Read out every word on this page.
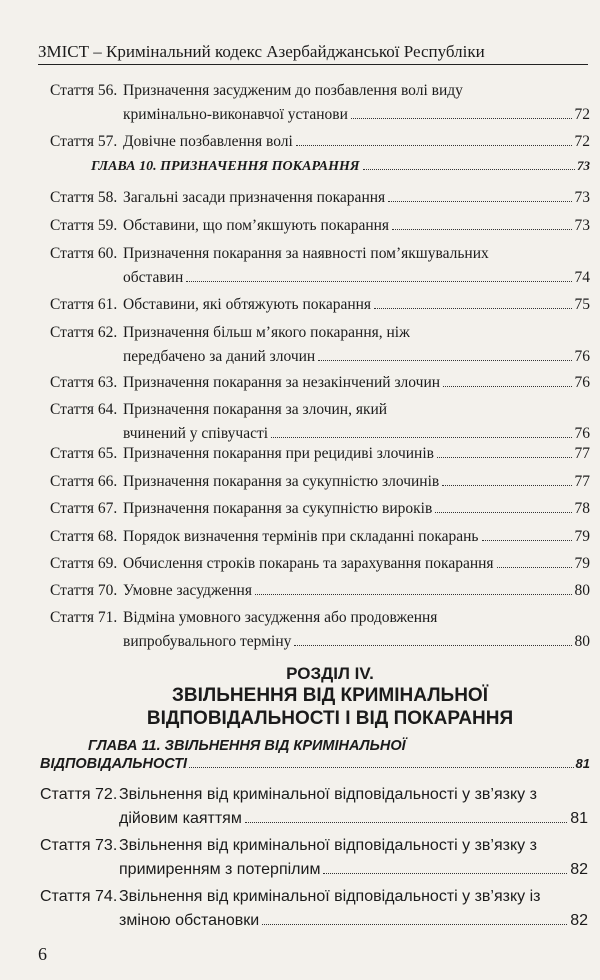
ЗМІСТ – Кримінальний кодекс Азербайджанської Республіки
Стаття 56. Призначення засудженим до позбавлення волі виду
кримінально-виконавчої установи	72
Стаття 57. Довічне позбавлення волі	72
ГЛАВА 10. ПРИЗНАЧЕННЯ ПОКАРАННЯ	73
Стаття 58. Загальні засади призначення покарання	73
Стаття 59. Обставини, що пом’якшують покарання	73
Стаття 60. Призначення покарання за наявності пом’якшувальних
обставин	74
Стаття 61. Обставини, які обтяжують покарання	75
Стаття 62. Призначення більш м’якого покарання, ніж
передбачено за даний злочин	76
Стаття 63. Призначення покарання за незакінчений злочин	76
Стаття 64. Призначення покарання за злочин, який
вчинений у співучасті	76
Стаття 65. Призначення покарання при рецидиві злочинів	77
Стаття 66. Призначення покарання за сукупністю злочинів	77
Стаття 67. Призначення покарання за сукупністю вироків	78
Стаття 68. Порядок визначення термінів при складанні покарань	79
Стаття 69. Обчислення строків покарань та зарахування покарання	79
Стаття 70. Умовне засудження	80
Стаття 71. Відміна умовного засудження або продовження
випробувального терміну	80
РОЗДІЛ IV.
ЗВІЛЬНЕННЯ ВІД КРИМІНАЛЬНОЇ
ВІДПОВІДАЛЬНОСТІ І ВІД ПОКАРАННЯ
ГЛАВА 11. ЗВІЛЬНЕННЯ ВІД КРИМІНАЛЬНОЇ
ВІДПОВІДАЛЬНОСТІ	81
Стаття 72. Звільнення від кримінальної відповідальності у зв’язку з
дійовим каяттям	81
Стаття 73. Звільнення від кримінальної відповідальності у зв’язку з
примиренням з потерпілим	82
Стаття 74. Звільнення від кримінальної відповідальності у зв’язку із
зміною обстановки	82
6
